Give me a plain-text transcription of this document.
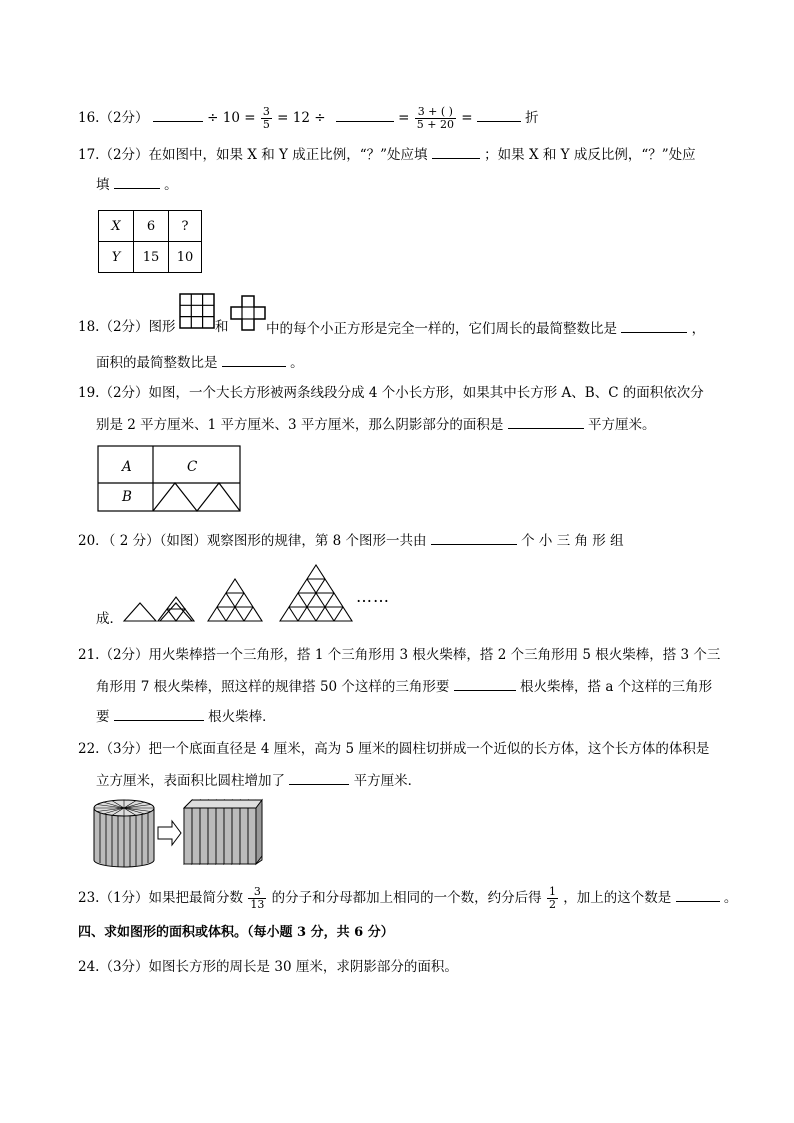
16.（2分）	÷ $10 = \frac{3}{5} = 12$ ÷	= $\frac{3 + ( )}{5 + 20}$ =	折
17.（2分）在如图中，如果 X 和 Y 成正比例，“？”处应填	；如果 X 和 Y 成反比例，“？”处应
填	。
X	6	?
Y	15	10
18.（2分）图形	和	中的每个小正方形是完全一样的，它们周长的最简整数比是	，
面积的最简整数比是	。
19.（2分）如图，一个大长方形被两条线段分成 4 个小长方形，如果其中长方形 A、B、C 的面积依次分
别是 2 平方厘米、1 平方厘米、3 平方厘米，那么阴影部分的面积是	平方厘米。
A
B
C
20．（ 2 分）（如图）观察图形的规律，第 8 个图形一共由	个 小 三 角 形 组
成．
……
21.（2分）用火柴棒搭一个三角形，搭 1 个三角形用 3 根火柴棒，搭 2 个三角形用 5 根火柴棒，搭 3 个三
角形用 7 根火柴棒，照这样的规律搭 50 个这样的三角形要	根火柴棒，搭 a 个这样的三角形
要	根火柴棒．
22.（3分）把一个底面直径是 4 厘米，高为 5 厘米的圆柱切拼成一个近似的长方体，这个长方体的体积是
立方厘米，表面积比圆柱增加了	平方厘米．
23.（1分）如果把最简分数 $\frac{3}{13}$ 的分子和分母都加上相同的一个数，约分后得 $\frac{1}{2}$ ，加上的这个数是	。
四、求如图形的面积或体积。（每小题 3 分，共 6 分）
24.（3分）如图长方形的周长是 30 厘米，求阴影部分的面积。
